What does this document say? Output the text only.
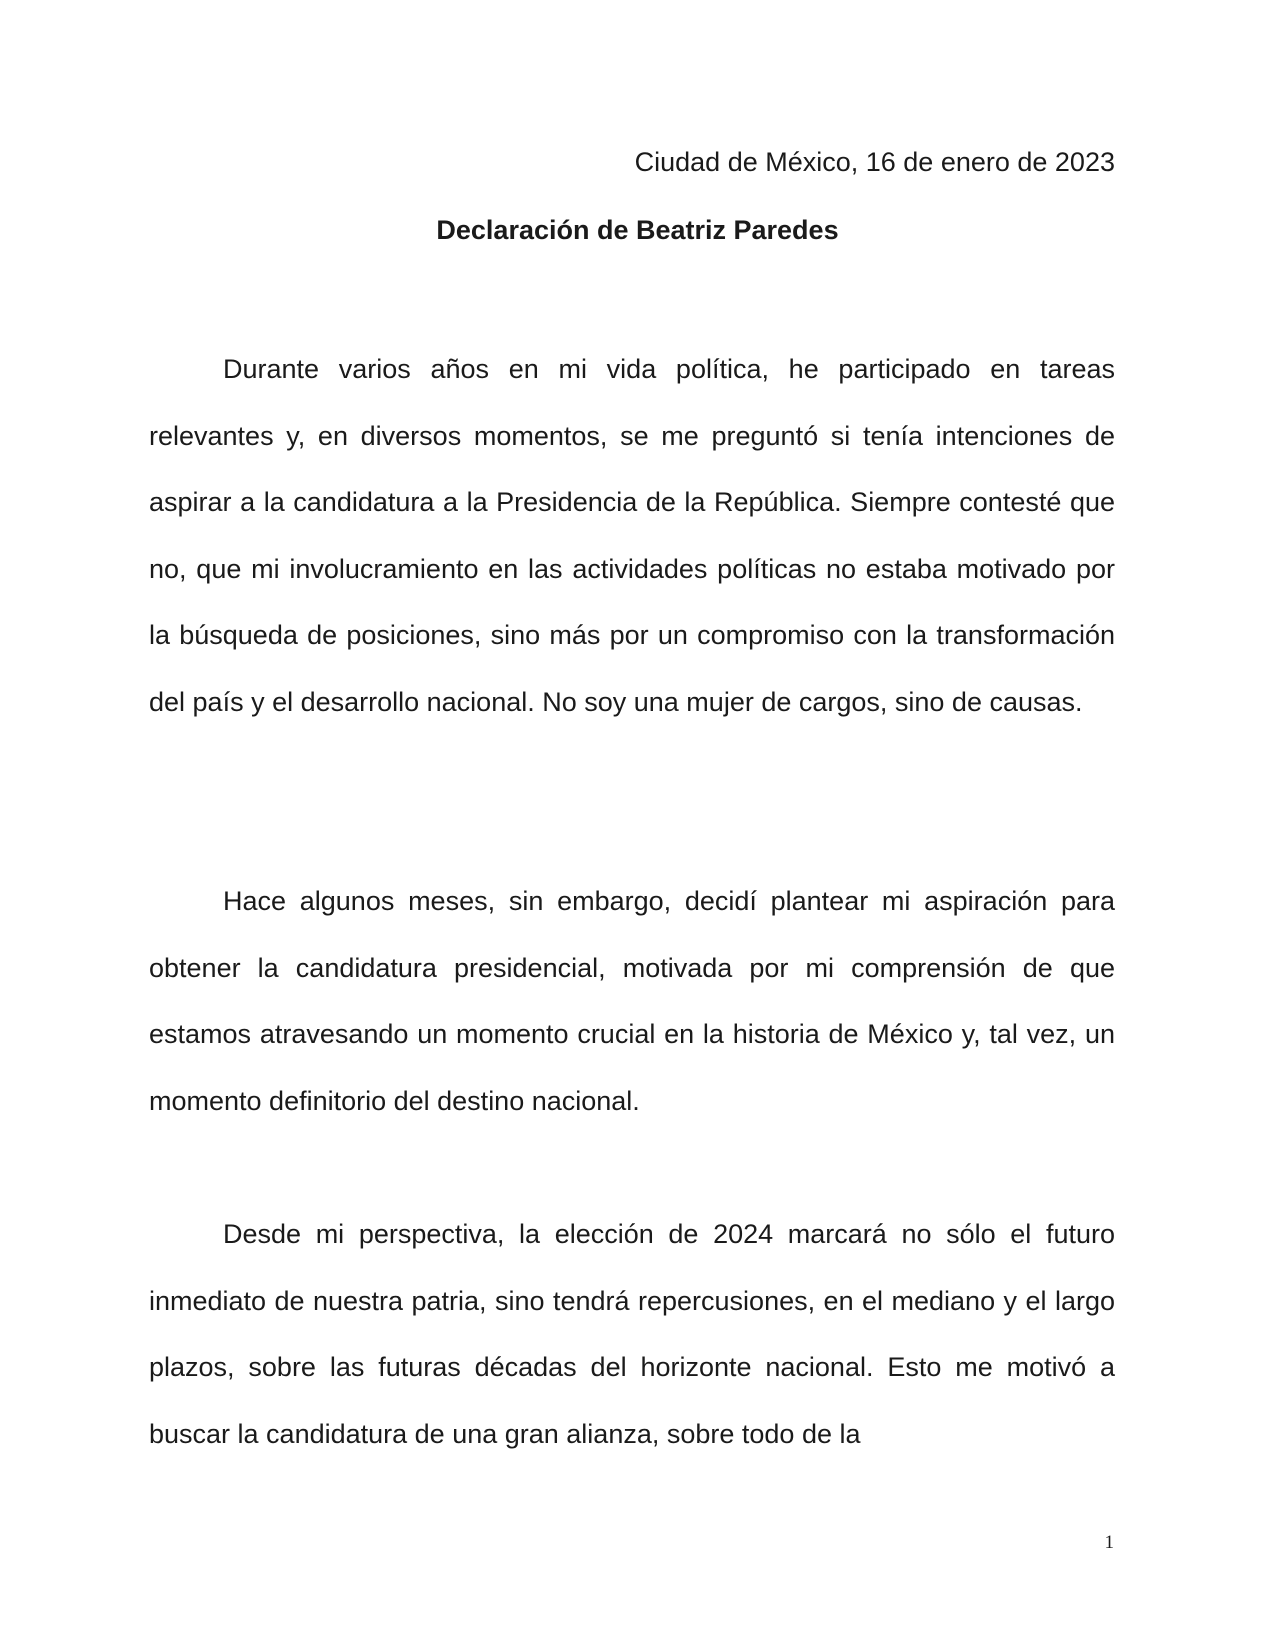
Ciudad de México, 16 de enero de 2023
Declaración de Beatriz Paredes

Durante varios años en mi vida política, he participado en tareas relevantes y, en diversos momentos, se me preguntó si tenía intenciones de aspirar a la candidatura a la Presidencia de la República. Siempre contesté que no, que mi involucramiento en las actividades políticas no estaba motivado por la búsqueda de posiciones, sino más por un compromiso con la transformación del país y el desarrollo nacional. No soy una mujer de cargos, sino de causas.

Hace algunos meses, sin embargo, decidí plantear mi aspiración para obtener la candidatura presidencial, motivada por mi comprensión de que estamos atravesando un momento crucial en la historia de México y, tal vez, un momento definitorio del destino nacional.

Desde mi perspectiva, la elección de 2024 marcará no sólo el futuro inmediato de nuestra patria, sino tendrá repercusiones, en el mediano y el largo plazos, sobre las futuras décadas del horizonte nacional. Esto me motivó a buscar la candidatura de una gran alianza, sobre todo de la

1
